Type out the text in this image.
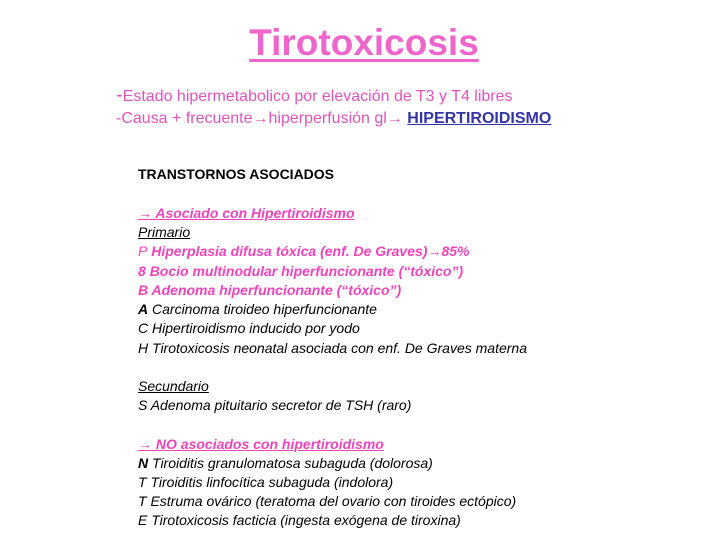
Tirotoxicosis
-Estado hipermetabolico por elevación de T3 y T4 libres
-Causa + frecuente→hiperperfusión gl→ HIPERTIROIDISMO
TRANSTORNOS ASOCIADOS
→ Asociado con Hipertiroidismo
Primario
P Hiperplasia difusa tóxica (enf. De Graves)→85%
8 Bocio multinodular hiperfuncionante (“tóxico”)
B Adenoma hiperfuncionante (“tóxico”)
A Carcinoma tiroideo hiperfuncionante
C Hipertiroidismo inducido por yodo
H Tirotoxicosis neonatal asociada con enf. De Graves materna
Secundario
S Adenoma pituitario secretor de TSH (raro)
→ NO asociados con hipertiroidismo
N Tiroiditis granulomatosa subaguda (dolorosa)
T Tiroiditis linfocítica subaguda (indolora)
T Estruma ovárico (teratoma del ovario con tiroides ectópico)
E Tirotoxicosis facticia (ingesta exógena de tiroxina)
